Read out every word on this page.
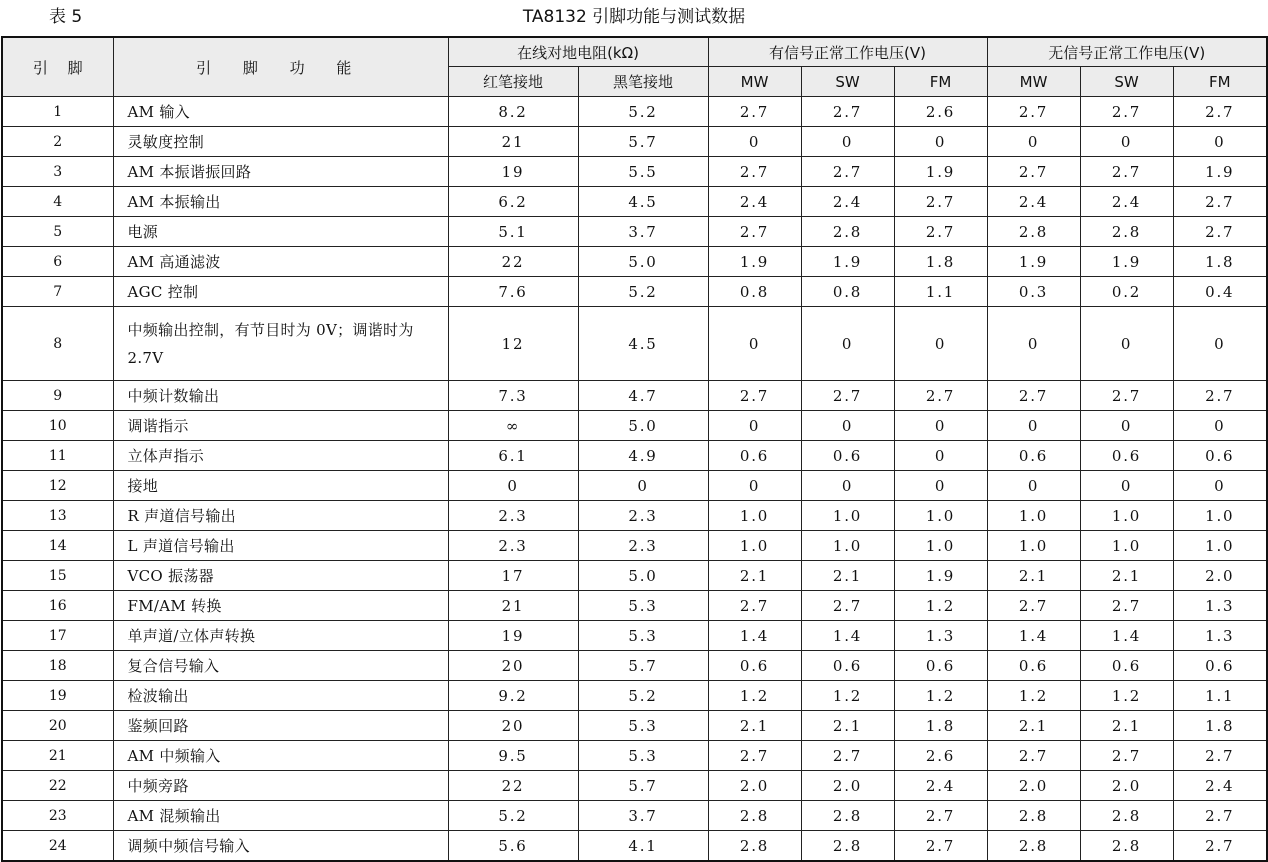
表 5	TA8132 引脚功能与测试数据
引　 脚	引 脚 功 能	在线对地电阻(kΩ)		有信号正常工作电压(V)			无信号正常工作电压(V)		
		红笔接地	黑笔接地	MW	SW	FM	MW	SW	FM
1	AM 输入	8.2	5.2	2.7	2.7	2.6	2.7	2.7	2.7
2	灵敏度控制	21	5.7	0	0	0	0	0	0
3	AM 本振谐振回路	19	5.5	2.7	2.7	1.9	2.7	2.7	1.9
4	AM 本振输出	6.2	4.5	2.4	2.4	2.7	2.4	2.4	2.7
5	电源	5.1	3.7	2.7	2.8	2.7	2.8	2.8	2.7
6	AM 高通滤波	22	5.0	1.9	1.9	1.8	1.9	1.9	1.8
7	AGC 控制	7.6	5.2	0.8	0.8	1.1	0.3	0.2	0.4
8	中频输出控制，有节目时为 0V；调谐时为 2.7V	12	4.5	0	0	0	0	0	0
9	中频计数输出	7.3	4.7	2.7	2.7	2.7	2.7	2.7	2.7
10	调谐指示	∞	5.0	0	0	0	0	0	0
11	立体声指示	6.1	4.9	0.6	0.6	0	0.6	0.6	0.6
12	接地	0	0	0	0	0	0	0	0
13	R 声道信号输出	2.3	2.3	1.0	1.0	1.0	1.0	1.0	1.0
14	L 声道信号输出	2.3	2.3	1.0	1.0	1.0	1.0	1.0	1.0
15	VCO 振荡器	17	5.0	2.1	2.1	1.9	2.1	2.1	2.0
16	FM/AM 转换	21	5.3	2.7	2.7	1.2	2.7	2.7	1.3
17	单声道/立体声转换	19	5.3	1.4	1.4	1.3	1.4	1.4	1.3
18	复合信号输入	20	5.7	0.6	0.6	0.6	0.6	0.6	0.6
19	检波输出	9.2	5.2	1.2	1.2	1.2	1.2	1.2	1.1
20	鉴频回路	20	5.3	2.1	2.1	1.8	2.1	2.1	1.8
21	AM 中频输入	9.5	5.3	2.7	2.7	2.6	2.7	2.7	2.7
22	中频旁路	22	5.7	2.0	2.0	2.4	2.0	2.0	2.4
23	AM 混频输出	5.2	3.7	2.8	2.8	2.7	2.8	2.8	2.7
24	调频中频信号输入	5.6	4.1	2.8	2.8	2.7	2.8	2.8	2.7
